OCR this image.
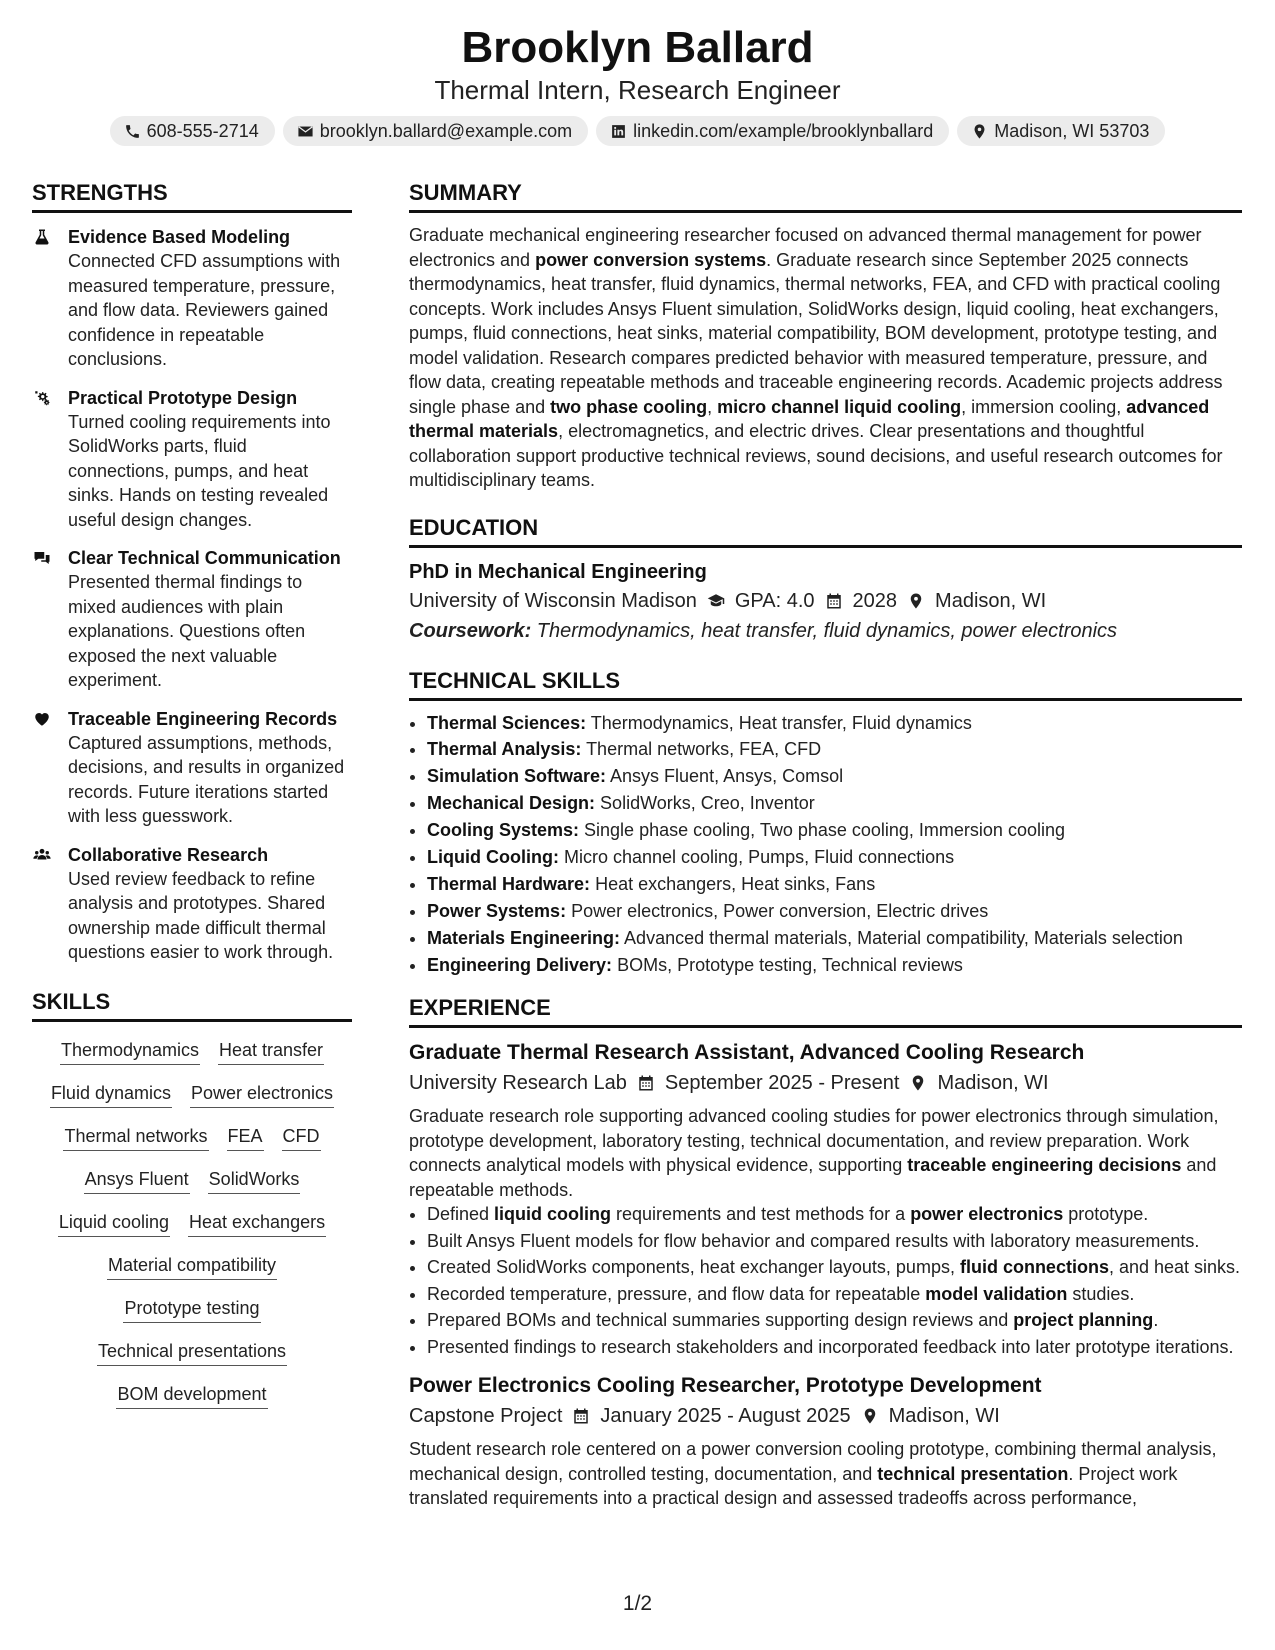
Brooklyn Ballard
Thermal Intern, Research Engineer
608-555-2714	brooklyn.ballard@example.com	linkedin.com/example/brooklynballard	Madison, WI 53703
STRENGTHS
Evidence Based Modeling
Connected CFD assumptions with measured temperature, pressure, and flow data. Reviewers gained confidence in repeatable conclusions.
Practical Prototype Design
Turned cooling requirements into SolidWorks parts, fluid connections, pumps, and heat sinks. Hands on testing revealed useful design changes.
Clear Technical Communication
Presented thermal findings to mixed audiences with plain explanations. Questions often exposed the next valuable experiment.
Traceable Engineering Records
Captured assumptions, methods, decisions, and results in organized records. Future iterations started with less guesswork.
Collaborative Research
Used review feedback to refine analysis and prototypes. Shared ownership made difficult thermal questions easier to work through.
SKILLS
Thermodynamics Heat transfer
Fluid dynamics Power electronics
Thermal networks FEA CFD
Ansys Fluent SolidWorks
Liquid cooling Heat exchangers
Material compatibility
Prototype testing
Technical presentations
BOM development
SUMMARY
Graduate mechanical engineering researcher focused on advanced thermal management for power electronics and power conversion systems. Graduate research since September 2025 connects thermodynamics, heat transfer, fluid dynamics, thermal networks, FEA, and CFD with practical cooling concepts. Work includes Ansys Fluent simulation, SolidWorks design, liquid cooling, heat exchangers, pumps, fluid connections, heat sinks, material compatibility, BOM development, prototype testing, and model validation. Research compares predicted behavior with measured temperature, pressure, and flow data, creating repeatable methods and traceable engineering records. Academic projects address single phase and two phase cooling, micro channel liquid cooling, immersion cooling, advanced thermal materials, electromagnetics, and electric drives. Clear presentations and thoughtful collaboration support productive technical reviews, sound decisions, and useful research outcomes for multidisciplinary teams.
EDUCATION
PhD in Mechanical Engineering
University of Wisconsin Madison GPA: 4.0 2028 Madison, WI
Coursework: Thermodynamics, heat transfer, fluid dynamics, power electronics
TECHNICAL SKILLS
• Thermal Sciences: Thermodynamics, Heat transfer, Fluid dynamics
• Thermal Analysis: Thermal networks, FEA, CFD
• Simulation Software: Ansys Fluent, Ansys, Comsol
• Mechanical Design: SolidWorks, Creo, Inventor
• Cooling Systems: Single phase cooling, Two phase cooling, Immersion cooling
• Liquid Cooling: Micro channel cooling, Pumps, Fluid connections
• Thermal Hardware: Heat exchangers, Heat sinks, Fans
• Power Systems: Power electronics, Power conversion, Electric drives
• Materials Engineering: Advanced thermal materials, Material compatibility, Materials selection
• Engineering Delivery: BOMs, Prototype testing, Technical reviews
EXPERIENCE
Graduate Thermal Research Assistant, Advanced Cooling Research
University Research Lab September 2025 - Present Madison, WI
Graduate research role supporting advanced cooling studies for power electronics through simulation, prototype development, laboratory testing, technical documentation, and review preparation. Work connects analytical models with physical evidence, supporting traceable engineering decisions and repeatable methods.
• Defined liquid cooling requirements and test methods for a power electronics prototype.
• Built Ansys Fluent models for flow behavior and compared results with laboratory measurements.
• Created SolidWorks components, heat exchanger layouts, pumps, fluid connections, and heat sinks.
• Recorded temperature, pressure, and flow data for repeatable model validation studies.
• Prepared BOMs and technical summaries supporting design reviews and project planning.
• Presented findings to research stakeholders and incorporated feedback into later prototype iterations.
Power Electronics Cooling Researcher, Prototype Development
Capstone Project January 2025 - August 2025 Madison, WI
Student research role centered on a power conversion cooling prototype, combining thermal analysis, mechanical design, controlled testing, documentation, and technical presentation. Project work translated requirements into a practical design and assessed tradeoffs across performance,
1/2
